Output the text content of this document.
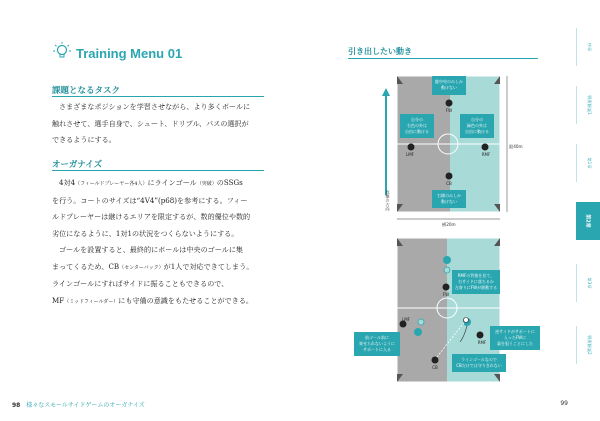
Training Menu 01
課題となるタスク
さまざまなポジションを学習させながら、より多くボールに
触れさせて、選手自身で、シュート、ドリブル、パスの選択が
できるようにする。
オーガナイズ
4対4（フィールドプレーヤー各4人）にラインゴール（突破）のSSGs
を行う。コートのサイズは“4V4”(p68)を参考にする。フィー
ルドプレーヤーは継けるエリアを限定するが、数的優位や数的
劣位になるように、1対1の状況をつくらないようにする。
ゴールを設置すると、最終的にボールは中央のゴールに集
まってくるため、CB（センターバック）が1人で対応できてしまう。
ラインゴールにすればサイドに振ることもできるので、
MF（ミッドフィールダー）にも守備の意識をもたせることができる。
98 様々なスモールサイドゲームのオーガナイズ
引き出したい動き
攻撃の方向
横20m
縦40m
縦中央のみしか
動けない
自分の
右色の外は
自由に動ける
自分の
緑色の外は
自由に動ける
右側のみしか
動けない
FW
LMF	RMF
CB
RMFの背後を見て、
右サイドに落ちるか
左寄りにFWが移動する
逆サイドがサポートに
入ったFWに
裏を狙うことにした
前ゴール前に
寄せられないように
サポートに入る
ラインゴールなので
CBだけでは守りきれない
FW
LMF
RMF
CB
99
序章
戦術解説1
第1章
第2章
第3章
戦術解説2
